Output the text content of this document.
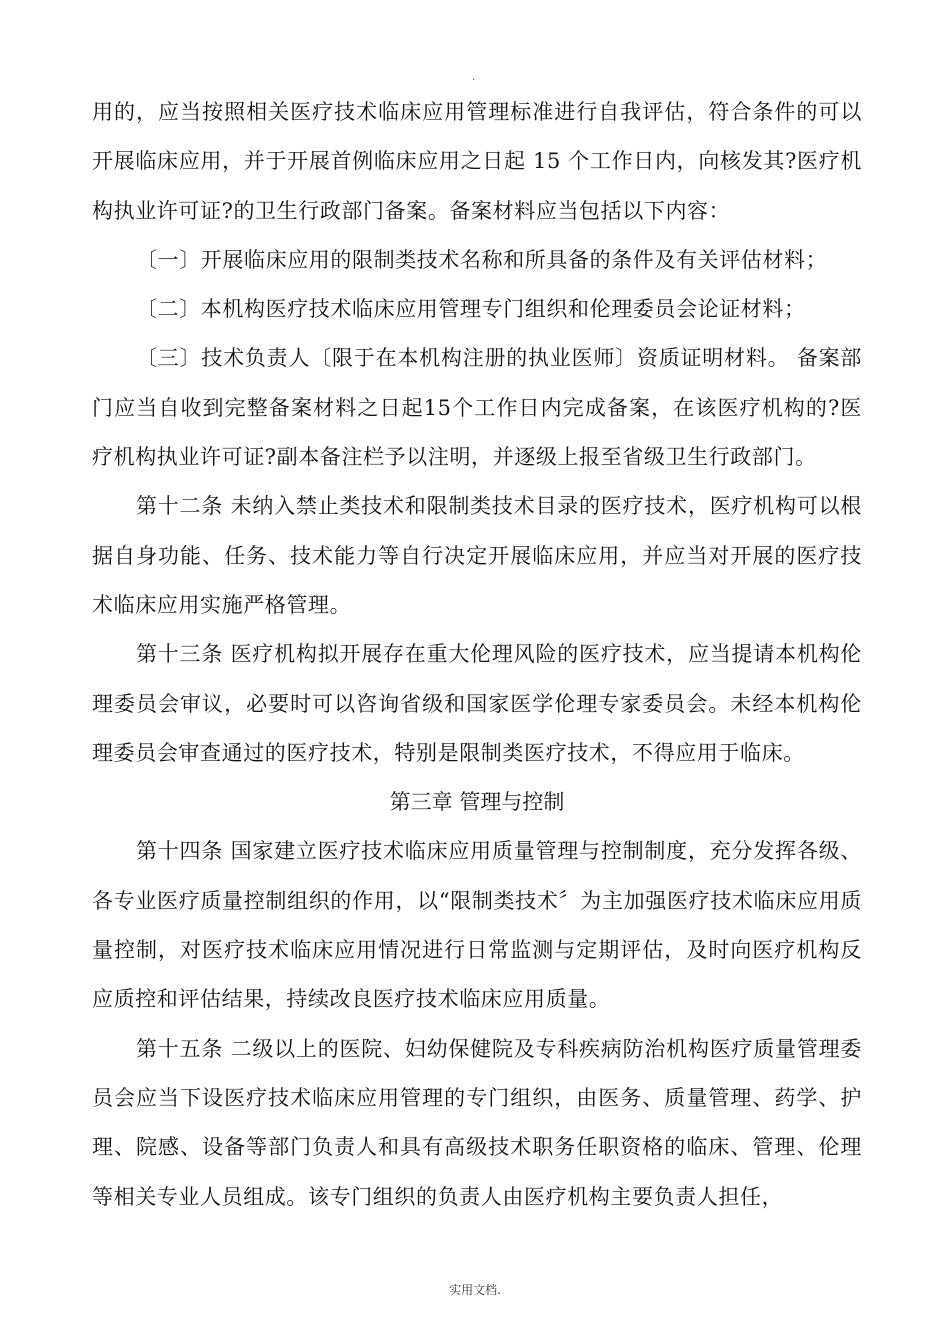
.

用的，应当按照相关医疗技术临床应用管理标准进行自我评估，符合条件的可以开展临床应用，并于开展首例临床应用之日起 15 个工作日内，向核发其?医疗机构执业许可证?的卫生行政部门备案。备案材料应当包括以下内容：

〔一〕开展临床应用的限制类技术名称和所具备的条件及有关评估材料；

〔二〕本机构医疗技术临床应用管理专门组织和伦理委员会论证材料；

〔三〕技术负责人〔限于在本机构注册的执业医师〕资质证明材料。 备案部门应当自收到完整备案材料之日起15个工作日内完成备案，在该医疗机构的?医疗机构执业许可证?副本备注栏予以注明，并逐级上报至省级卫生行政部门。

第十二条 未纳入禁止类技术和限制类技术目录的医疗技术，医疗机构可以根据自身功能、任务、技术能力等自行决定开展临床应用，并应当对开展的医疗技术临床应用实施严格管理。

第十三条 医疗机构拟开展存在重大伦理风险的医疗技术，应当提请本机构伦理委员会审议，必要时可以咨询省级和国家医学伦理专家委员会。未经本机构伦理委员会审查通过的医疗技术，特别是限制类医疗技术，不得应用于临床。

第三章 管理与控制

第十四条 国家建立医疗技术临床应用质量管理与控制制度，充分发挥各级、各专业医疗质量控制组织的作用，以“限制类技术〞为主加强医疗技术临床应用质量控制，对医疗技术临床应用情况进行日常监测与定期评估，及时向医疗机构反应质控和评估结果，持续改良医疗技术临床应用质量。

第十五条 二级以上的医院、妇幼保健院及专科疾病防治机构医疗质量管理委员会应当下设医疗技术临床应用管理的专门组织，由医务、质量管理、药学、护理、院感、设备等部门负责人和具有高级技术职务任职资格的临床、管理、伦理等相关专业人员组成。该专门组织的负责人由医疗机构主要负责人担任，

实用文档.
